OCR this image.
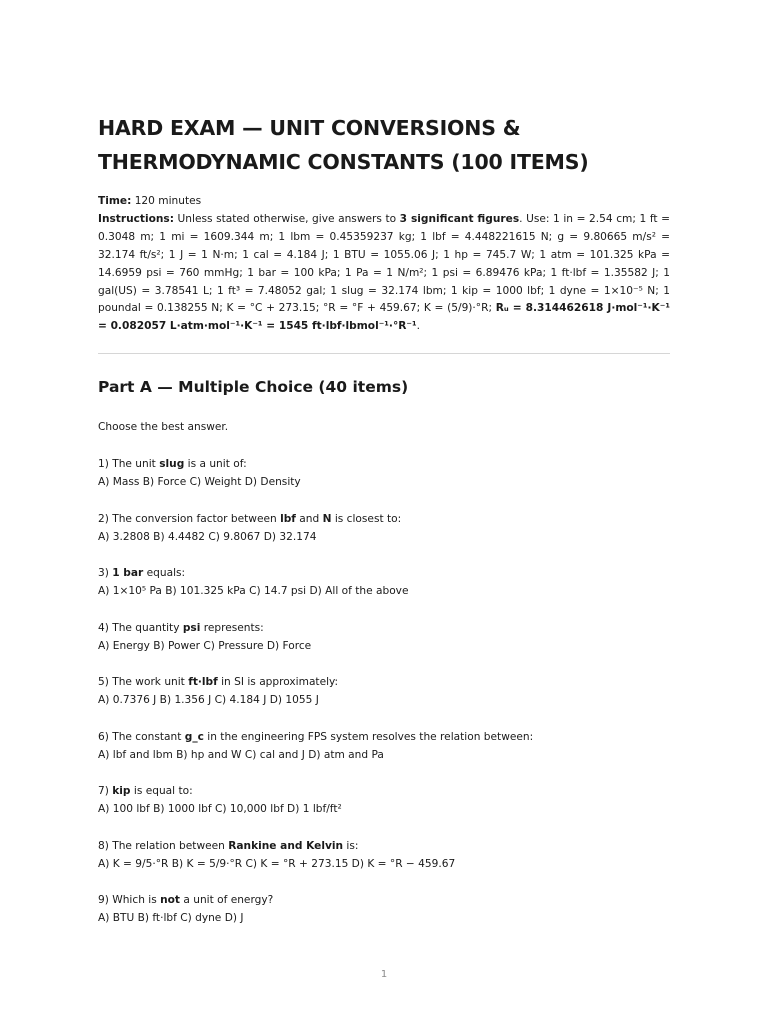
HARD EXAM — UNIT CONVERSIONS &
THERMODYNAMIC CONSTANTS (100 ITEMS)

Time: 120 minutes

Instructions: Unless stated otherwise, give answers to 3 significant figures. Use: 1 in = 2.54 cm; 1 ft = 0.3048 m; 1 mi = 1609.344 m; 1 lbm = 0.45359237 kg; 1 lbf = 4.448221615 N; g = 9.80665 m/s² = 32.174 ft/s²; 1 J = 1 N·m; 1 cal = 4.184 J; 1 BTU = 1055.06 J; 1 hp = 745.7 W; 1 atm = 101.325 kPa = 14.6959 psi = 760 mmHg; 1 bar = 100 kPa; 1 Pa = 1 N/m²; 1 psi = 6.89476 kPa; 1 ft·lbf = 1.35582 J; 1 gal(US) = 3.78541 L; 1 ft³ = 7.48052 gal; 1 slug = 32.174 lbm; 1 kip = 1000 lbf; 1 dyne = 1×10⁻⁵ N; 1 poundal = 0.138255 N; K = °C + 273.15; °R = °F + 459.67; K = (5/9)·°R; Rᵤ = 8.314462618 J·mol⁻¹·K⁻¹ = 0.082057 L·atm·mol⁻¹·K⁻¹ = 1545 ft·lbf·lbmol⁻¹·°R⁻¹.

Part A — Multiple Choice (40 items)

Choose the best answer.

1) The unit slug is a unit of:
A) Mass B) Force C) Weight D) Density
2) The conversion factor between lbf and N is closest to:
A) 3.2808 B) 4.4482 C) 9.8067 D) 32.174
3) 1 bar equals:
A) 1×10⁵ Pa B) 101.325 kPa C) 14.7 psi D) All of the above
4) The quantity psi represents:
A) Energy B) Power C) Pressure D) Force
5) The work unit ft·lbf in SI is approximately:
A) 0.7376 J B) 1.356 J C) 4.184 J D) 1055 J
6) The constant g_c in the engineering FPS system resolves the relation between:
A) lbf and lbm B) hp and W C) cal and J D) atm and Pa
7) kip is equal to:
A) 100 lbf B) 1000 lbf C) 10,000 lbf D) 1 lbf/ft²
8) The relation between Rankine and Kelvin is:
A) K = 9/5·°R B) K = 5/9·°R C) K = °R + 273.15 D) K = °R − 459.67
9) Which is not a unit of energy?
A) BTU B) ft·lbf C) dyne D) J
1
